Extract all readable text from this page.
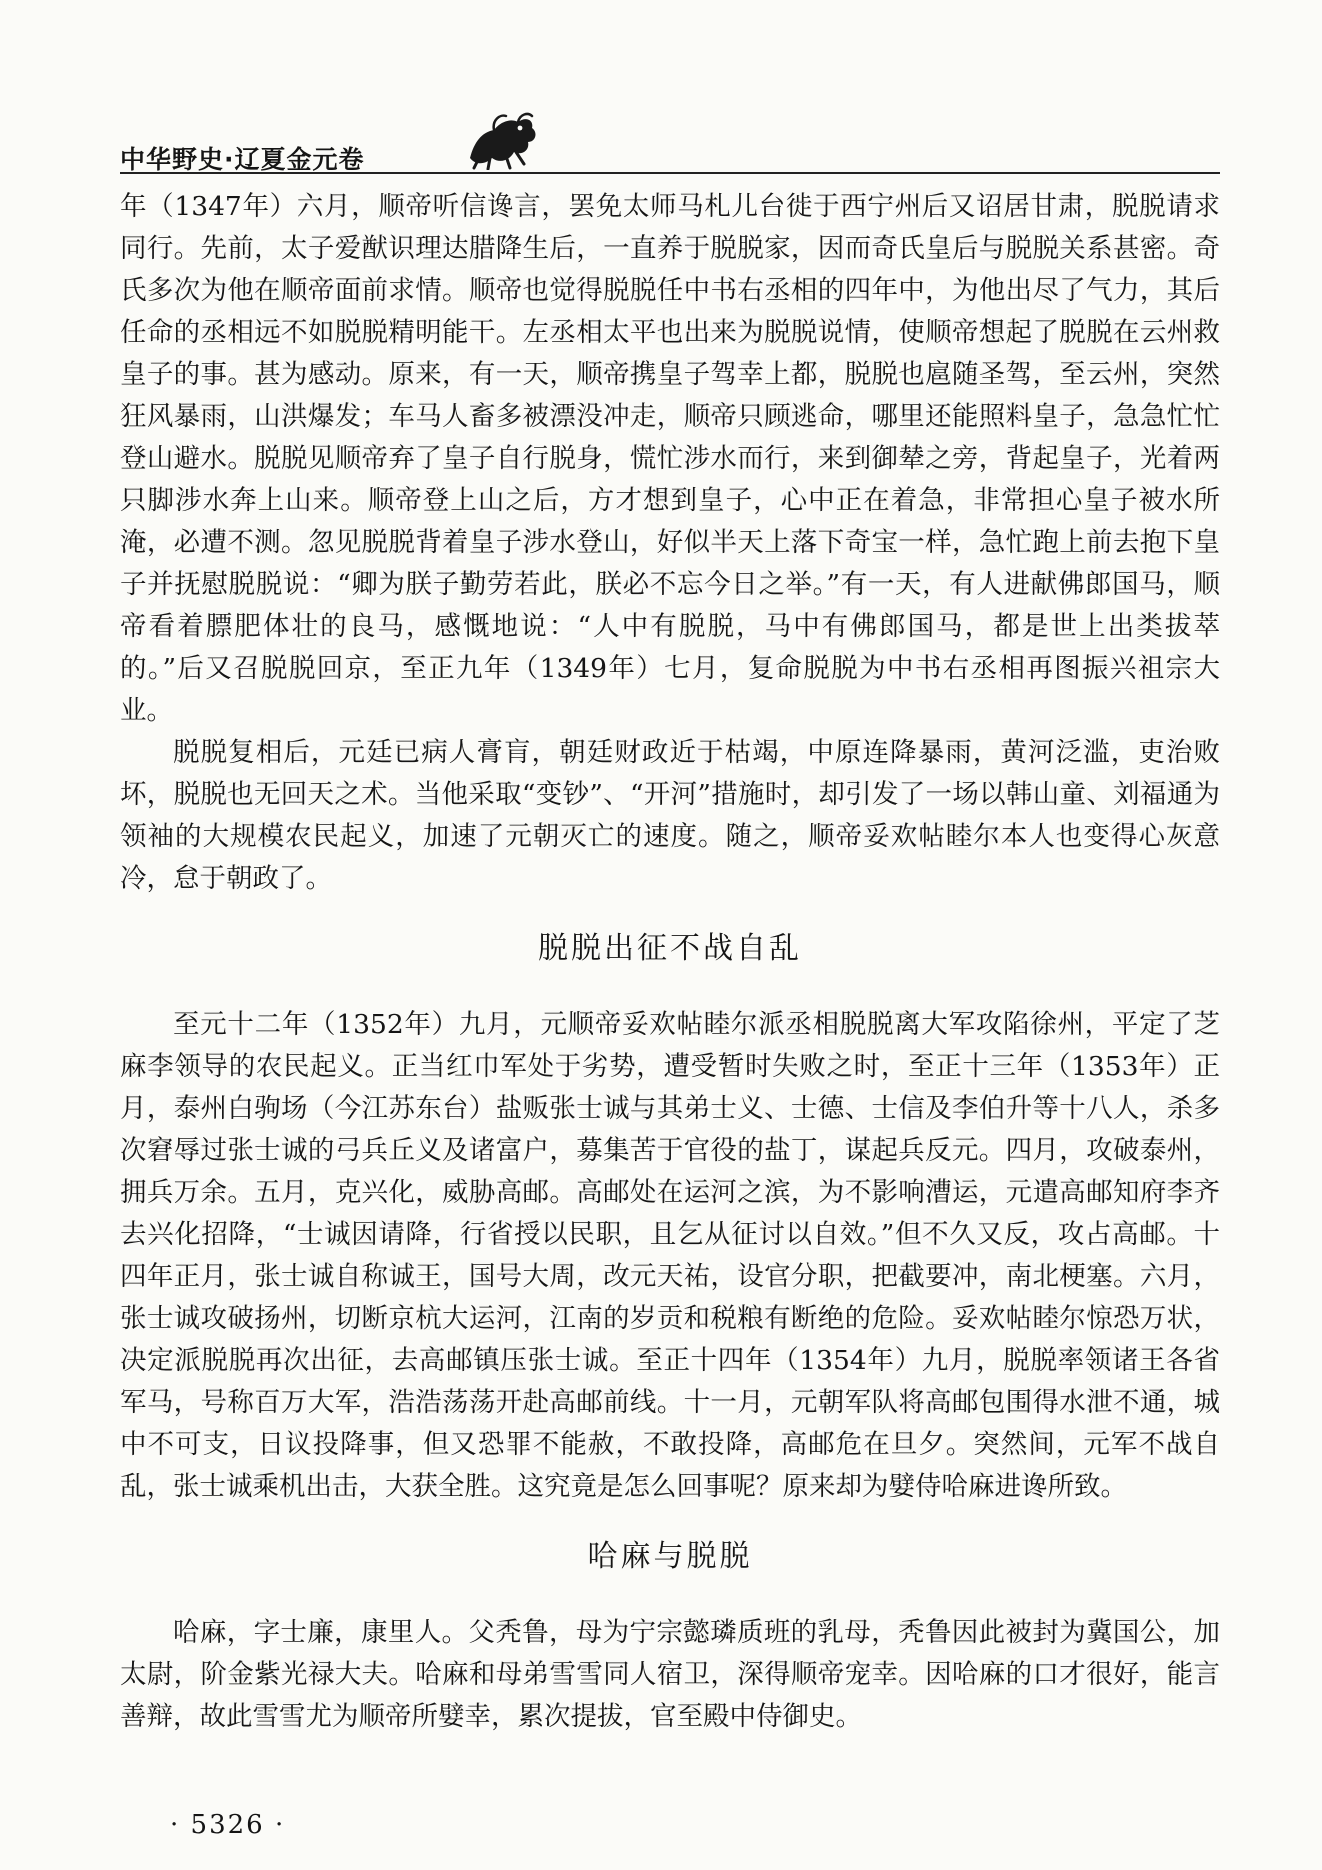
中华野史·辽夏金元卷

年（1347年）六月，顺帝听信谗言，罢免太师马札儿台徙于西宁州后又诏居甘肃，脱脱请求同行。先前，太子爱猷识理达腊降生后，一直养于脱脱家，因而奇氏皇后与脱脱关系甚密。奇氏多次为他在顺帝面前求情。顺帝也觉得脱脱任中书右丞相的四年中，为他出尽了气力，其后任命的丞相远不如脱脱精明能干。左丞相太平也出来为脱脱说情，使顺帝想起了脱脱在云州救皇子的事。甚为感动。原来，有一天，顺帝携皇子驾幸上都，脱脱也扈随圣驾，至云州，突然狂风暴雨，山洪爆发；车马人畜多被漂没冲走，顺帝只顾逃命，哪里还能照料皇子，急急忙忙登山避水。脱脱见顺帝弃了皇子自行脱身，慌忙涉水而行，来到御辇之旁，背起皇子，光着两只脚涉水奔上山来。顺帝登上山之后，方才想到皇子，心中正在着急，非常担心皇子被水所淹，必遭不测。忽见脱脱背着皇子涉水登山，好似半天上落下奇宝一样，急忙跑上前去抱下皇子并抚慰脱脱说：“卿为朕子勤劳若此，朕必不忘今日之举。”有一天，有人进献佛郎国马，顺帝看着膘肥体壮的良马，感慨地说：“人中有脱脱，马中有佛郎国马，都是世上出类拔萃的。”后又召脱脱回京，至正九年（1349年）七月，复命脱脱为中书右丞相再图振兴祖宗大业。

脱脱复相后，元廷已病人膏肓，朝廷财政近于枯竭，中原连降暴雨，黄河泛滥，吏治败坏，脱脱也无回天之术。当他采取“变钞”、“开河”措施时，却引发了一场以韩山童、刘福通为领袖的大规模农民起义，加速了元朝灭亡的速度。随之，顺帝妥欢帖睦尔本人也变得心灰意冷，怠于朝政了。

脱脱出征不战自乱

至元十二年（1352年）九月，元顺帝妥欢帖睦尔派丞相脱脱离大军攻陷徐州，平定了芝麻李领导的农民起义。正当红巾军处于劣势，遭受暂时失败之时，至正十三年（1353年）正月，泰州白驹场（今江苏东台）盐贩张士诚与其弟士义、士德、士信及李伯升等十八人，杀多次窘辱过张士诚的弓兵丘义及诸富户，募集苦于官役的盐丁，谋起兵反元。四月，攻破泰州，拥兵万余。五月，克兴化，威胁高邮。高邮处在运河之滨，为不影响漕运，元遣高邮知府李齐去兴化招降，“士诚因请降，行省授以民职，且乞从征讨以自效。”但不久又反，攻占高邮。十四年正月，张士诚自称诚王，国号大周，改元天祐，设官分职，把截要冲，南北梗塞。六月，张士诚攻破扬州，切断京杭大运河，江南的岁贡和税粮有断绝的危险。妥欢帖睦尔惊恐万状，决定派脱脱再次出征，去高邮镇压张士诚。至正十四年（1354年）九月，脱脱率领诸王各省军马，号称百万大军，浩浩荡荡开赴高邮前线。十一月，元朝军队将高邮包围得水泄不通，城中不可支，日议投降事，但又恐罪不能赦，不敢投降，高邮危在旦夕。突然间，元军不战自乱，张士诚乘机出击，大获全胜。这究竟是怎么回事呢？原来却为嬖侍哈麻进谗所致。

哈麻与脱脱

哈麻，字士廉，康里人。父秃鲁，母为宁宗懿璘质班的乳母，秃鲁因此被封为冀国公，加太尉，阶金紫光禄大夫。哈麻和母弟雪雪同人宿卫，深得顺帝宠幸。因哈麻的口才很好，能言善辩，故此雪雪尤为顺帝所嬖幸，累次提拔，官至殿中侍御史。

· 5326 ·
